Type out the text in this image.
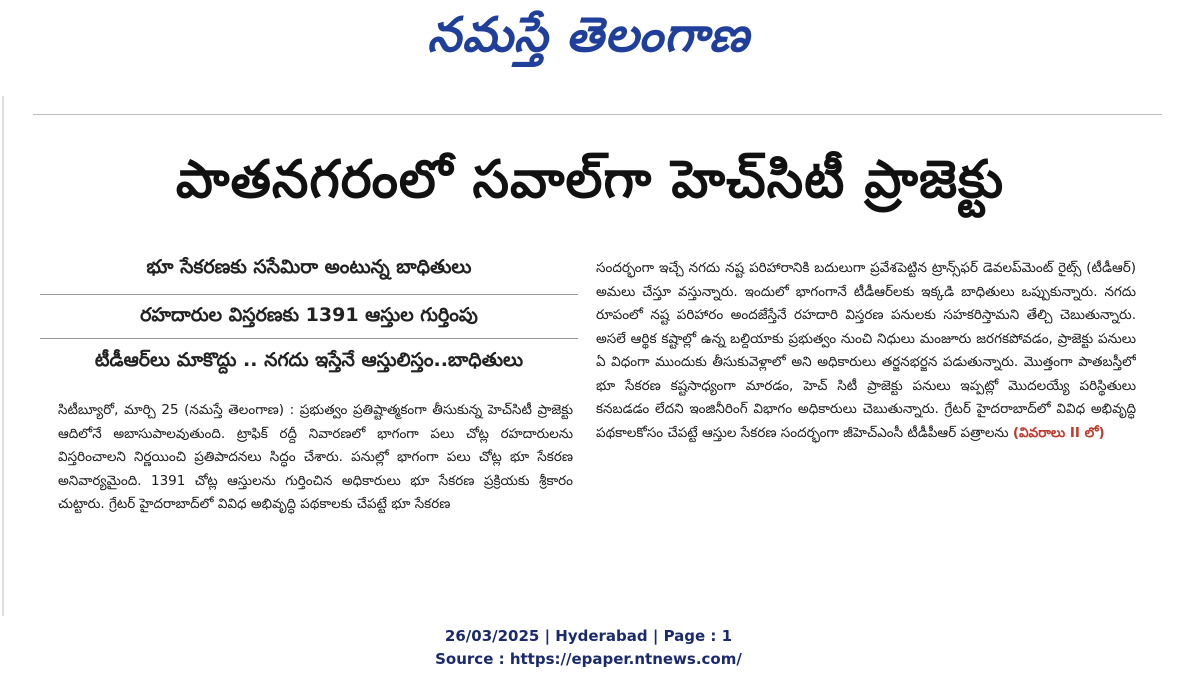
నమస్తే తెలంగాణ
పాతనగరంలో సవాల్‌గా హెచ్‌సిటీ ప్రాజెక్టు
భూ సేకరణకు ససేమిరా అంటున్న బాధితులు
రహదారుల విస్తరణకు 1391 ఆస్తుల గుర్తింపు
టీడీఆర్‌లు మాకొద్దు .. నగదు ఇస్తేనే ఆస్తులిస్తం..బాధితులు

సిటీబ్యూరో, మార్చి 25 (నమస్తే తెలంగాణ) : ప్రభుత్వం ప్రతిష్టాత్మకంగా తీసుకున్న హెచ్‌సిటీ ప్రాజెక్టు ఆదిలోనే అబాసుపాలవుతుంది. ట్రాఫిక్ రద్దీ నివారణలో భాగంగా పలు చోట్ల రహదారులను విస్తరించాలని నిర్ణయించి ప్రతిపాదనలు సిద్ధం చేశారు. పనుల్లో భాగంగా పలు చోట్ల భూ సేకరణ అనివార్యమైంది. 1391 చోట్ల ఆస్తులను గుర్తించిన అధికారులు భూ సేకరణ ప్రక్రియకు శ్రీకారం చుట్టారు. గ్రేటర్ హైదరాబాద్‌లో వివిధ అభివృద్ధి పథకాలకు చేపట్టే భూ సేకరణ

సందర్భంగా ఇచ్చే నగదు నష్ట పరిహారానికి బదులుగా ప్రవేశపెట్టిన ట్రాన్స్‌ఫర్ డెవలప్‌మెంట్ రైట్స్ (టీడీఆర్) అమలు చేస్తూ వస్తున్నారు. ఇందులో భాగంగానే టీడీఆర్‌లకు ఇక్కడి బాధితులు ఒప్పుకున్నారు. నగదు రూపంలో నష్ట పరిహారం అందజేస్తేనే రహదారి విస్తరణ పనులకు సహకరిస్తామని తేల్చి చెబుతున్నారు. అసలే ఆర్థిక కష్టాల్లో ఉన్న బల్దియాకు ప్రభుత్వం నుంచి నిధులు మంజూరు జరగకపోవడం, ప్రాజెక్టు పనులు ఏ విధంగా ముందుకు తీసుకువెళ్లాలో అని అధికారులు తర్జనభర్జన పడుతున్నారు. మొత్తంగా పాతబస్తీలో భూ సేకరణ కష్టసాధ్యంగా మారడం, హెచ్ సిటీ ప్రాజెక్టు పనులు ఇప్పట్లో మొదలయ్యే పరిస్థితులు కనబడడం లేదని ఇంజినీరింగ్ విభాగం అధికారులు చెబుతున్నారు. గ్రేటర్ హైదరాబాద్‌లో వివిధ అభివృద్ధి పథకాలకోసం చేపట్టే ఆస్తుల సేకరణ సందర్భంగా జీహెచ్‌ఎంసీ టీడీపీఆర్ పత్రాలను (వివరాలు II లో)

26/03/2025 | Hyderabad | Page : 1
Source : https://epaper.ntnews.com/
